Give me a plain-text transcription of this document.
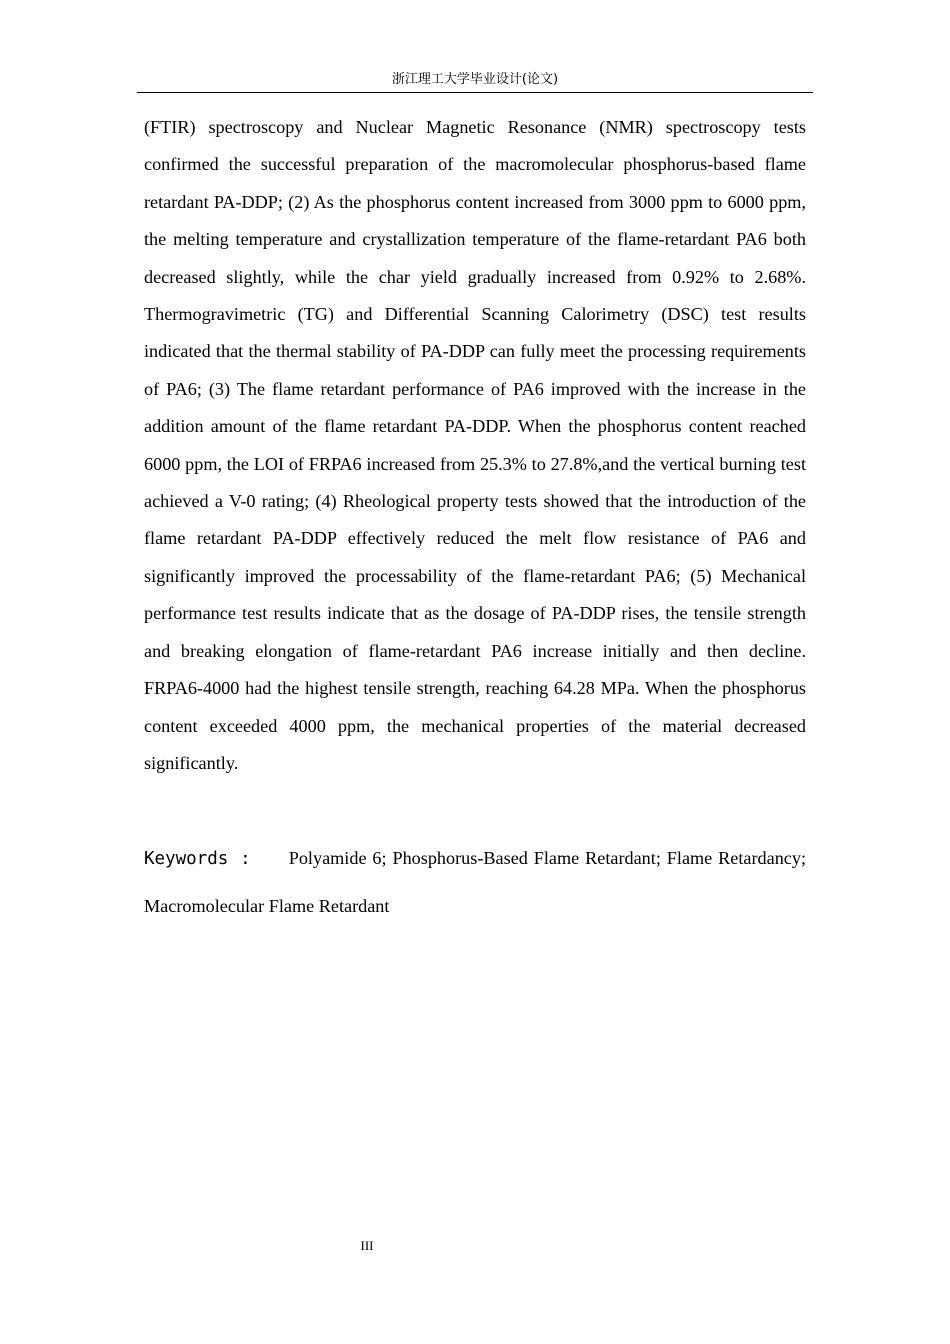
浙江理工大学毕业设计(论文)

(FTIR) spectroscopy and Nuclear Magnetic Resonance (NMR) spectroscopy tests confirmed the successful preparation of the macromolecular phosphorus-based flame retardant PA-DDP; (2) As the phosphorus content increased from 3000 ppm to 6000 ppm, the melting temperature and crystallization temperature of the flame-retardant PA6 both decreased slightly, while the char yield gradually increased from 0.92% to 2.68%. Thermogravimetric (TG) and Differential Scanning Calorimetry (DSC) test results indicated that the thermal stability of PA-DDP can fully meet the processing requirements of PA6; (3) The flame retardant performance of PA6 improved with the increase in the addition amount of the flame retardant PA-DDP. When the phosphorus content reached 6000 ppm, the LOI of FRPA6 increased from 25.3% to 27.8%,and the vertical burning test achieved a V-0 rating; (4) Rheological property tests showed that the introduction of the flame retardant PA-DDP effectively reduced the melt flow resistance of PA6 and significantly improved the processability of the flame-retardant PA6; (5) Mechanical performance test results indicate that as the dosage of PA-DDP rises, the tensile strength and breaking elongation of flame-retardant PA6 increase initially and then decline. FRPA6-4000 had the highest tensile strength, reaching 64.28 MPa. When the phosphorus content exceeded 4000 ppm, the mechanical properties of the material decreased significantly.

Keywords : Polyamide 6; Phosphorus-Based Flame Retardant; Flame Retardancy; Macromolecular Flame Retardant

III
